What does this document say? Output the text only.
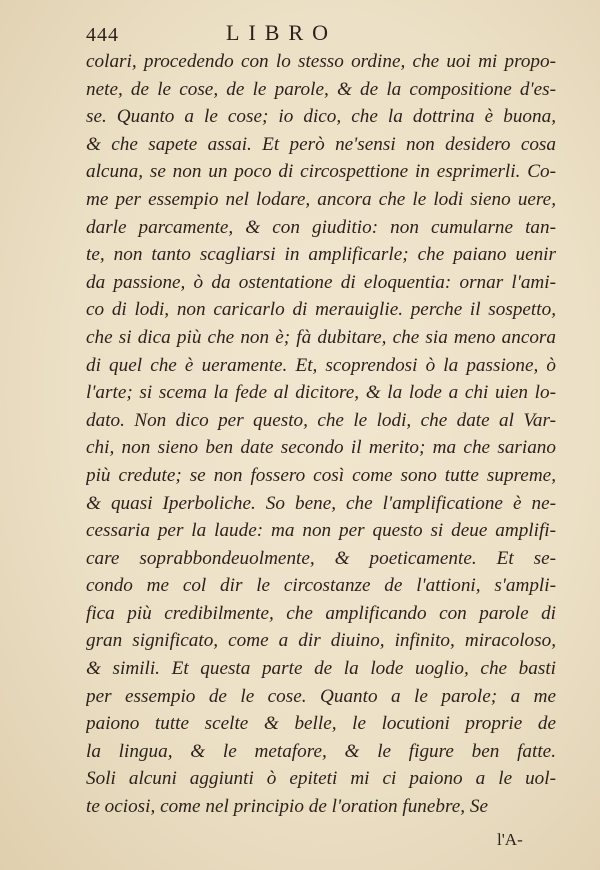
444	LIBRO
colari, procedendo con lo stesso ordine, che uoi mi propo-
nete, de le cose, de le parole, & de la compositione d'es-
se. Quanto a le cose; io dico, che la dottrina è buona,
& che sapete assai. Et però ne'sensi non desidero cosa
alcuna, se non un poco di circospettione in esprimerli. Co-
me per essempio nel lodare, ancora che le lodi sieno uere,
darle parcamente, & con giuditio: non cumularne tan-
te, non tanto scagliarsi in amplificarle; che paiano uenir
da passione, ò da ostentatione di eloquentia: ornar l'ami-
co di lodi, non caricarlo di merauiglie. perche il sospetto,
che si dica più che non è; fà dubitare, che sia meno ancora
di quel che è ueramente. Et, scoprendosi ò la passione, ò
l'arte; si scema la fede al dicitore, & la lode a chi uien lo-
dato. Non dico per questo, che le lodi, che date al Var-
chi, non sieno ben date secondo il merito; ma che sariano
più credute; se non fossero così come sono tutte supreme,
& quasi Iperboliche. So bene, che l'amplificatione è ne-
cessaria per la laude: ma non per questo si deue amplifi-
care soprabbondeuolmente, & poeticamente. Et se-
condo me col dir le circostanze de l'attioni, s'ampli-
fica più credibilmente, che amplificando con parole di
gran significato, come a dir diuino, infinito, miracoloso,
& simili. Et questa parte de la lode uoglio, che basti
per essempio de le cose. Quanto a le parole; a me
paiono tutte scelte & belle, le locutioni proprie de
la lingua, & le metafore, & le figure ben fatte.
Soli alcuni aggiunti ò epiteti mi ci paiono a le uol-
te ociosi, come nel principio de l'oration funebre, Se
l'A-
